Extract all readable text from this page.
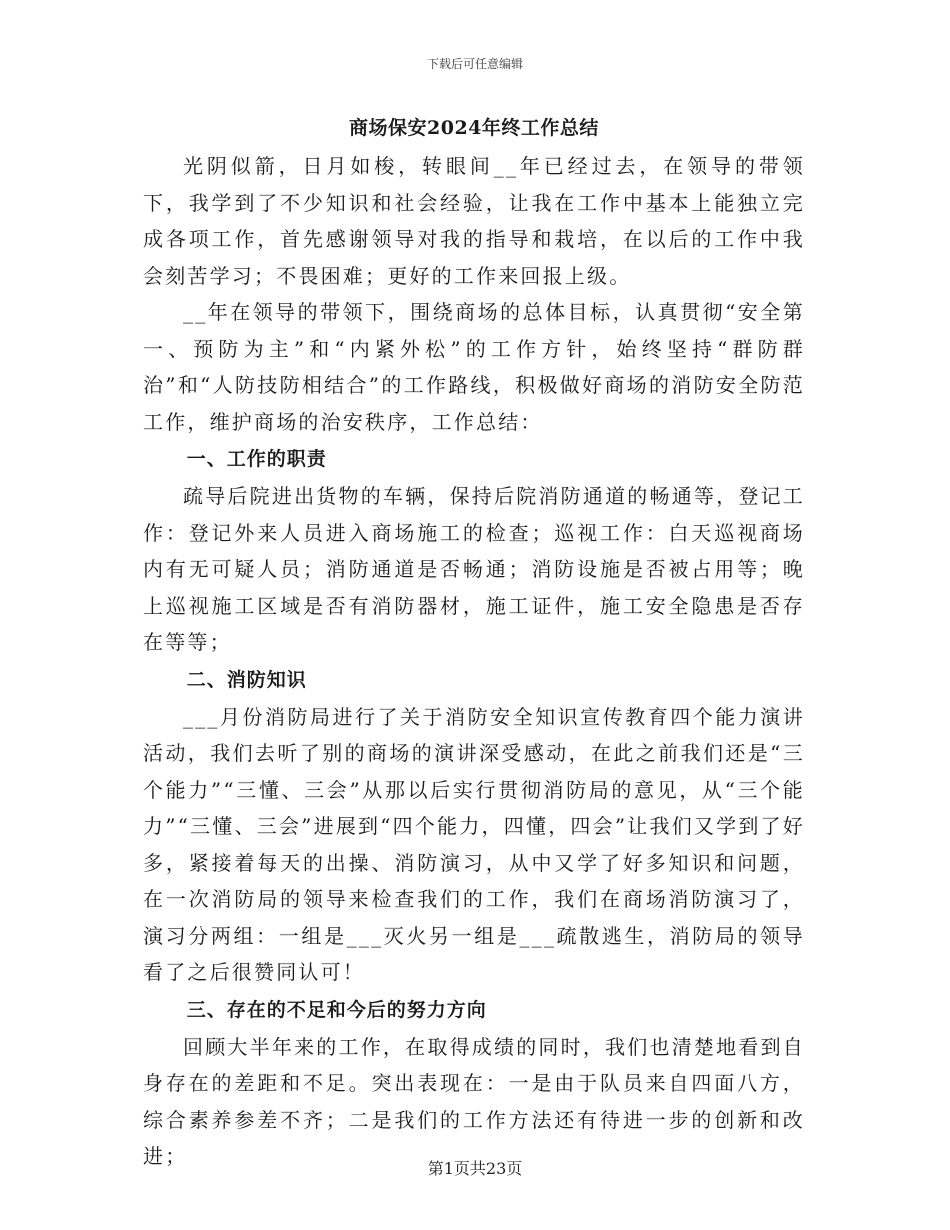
下载后可任意编辑
商场保安2024年终工作总结

光阴似箭，日月如梭，转眼间__年已经过去，在领导的带领下，我学到了不少知识和社会经验，让我在工作中基本上能独立完成各项工作，首先感谢领导对我的指导和栽培，在以后的工作中我会刻苦学习；不畏困难；更好的工作来回报上级。

__年在领导的带领下，围绕商场的总体目标，认真贯彻“安全第一、预防为主”和“内紧外松”的工作方针，始终坚持“群防群治”和“人防技防相结合”的工作路线，积极做好商场的消防安全防范工作，维护商场的治安秩序，工作总结：

一、工作的职责

疏导后院进出货物的车辆，保持后院消防通道的畅通等，登记工作：登记外来人员进入商场施工的检查；巡视工作：白天巡视商场内有无可疑人员；消防通道是否畅通；消防设施是否被占用等；晚上巡视施工区域是否有消防器材，施工证件，施工安全隐患是否存在等等；

二、消防知识

___月份消防局进行了关于消防安全知识宣传教育四个能力演讲活动，我们去听了别的商场的演讲深受感动，在此之前我们还是“三个能力”“三懂、三会”从那以后实行贯彻消防局的意见，从“三个能力”“三懂、三会”进展到“四个能力，四懂，四会”让我们又学到了好多，紧接着每天的出操、消防演习，从中又学了好多知识和问题，在一次消防局的领导来检查我们的工作，我们在商场消防演习了，演习分两组：一组是___灭火另一组是___疏散逃生，消防局的领导看了之后很赞同认可！

三、存在的不足和今后的努力方向

回顾大半年来的工作，在取得成绩的同时，我们也清楚地看到自身存在的差距和不足。突出表现在：一是由于队员来自四面八方，综合素养参差不齐；二是我们的工作方法还有待进一步的创新和改进；

第1页共23页
